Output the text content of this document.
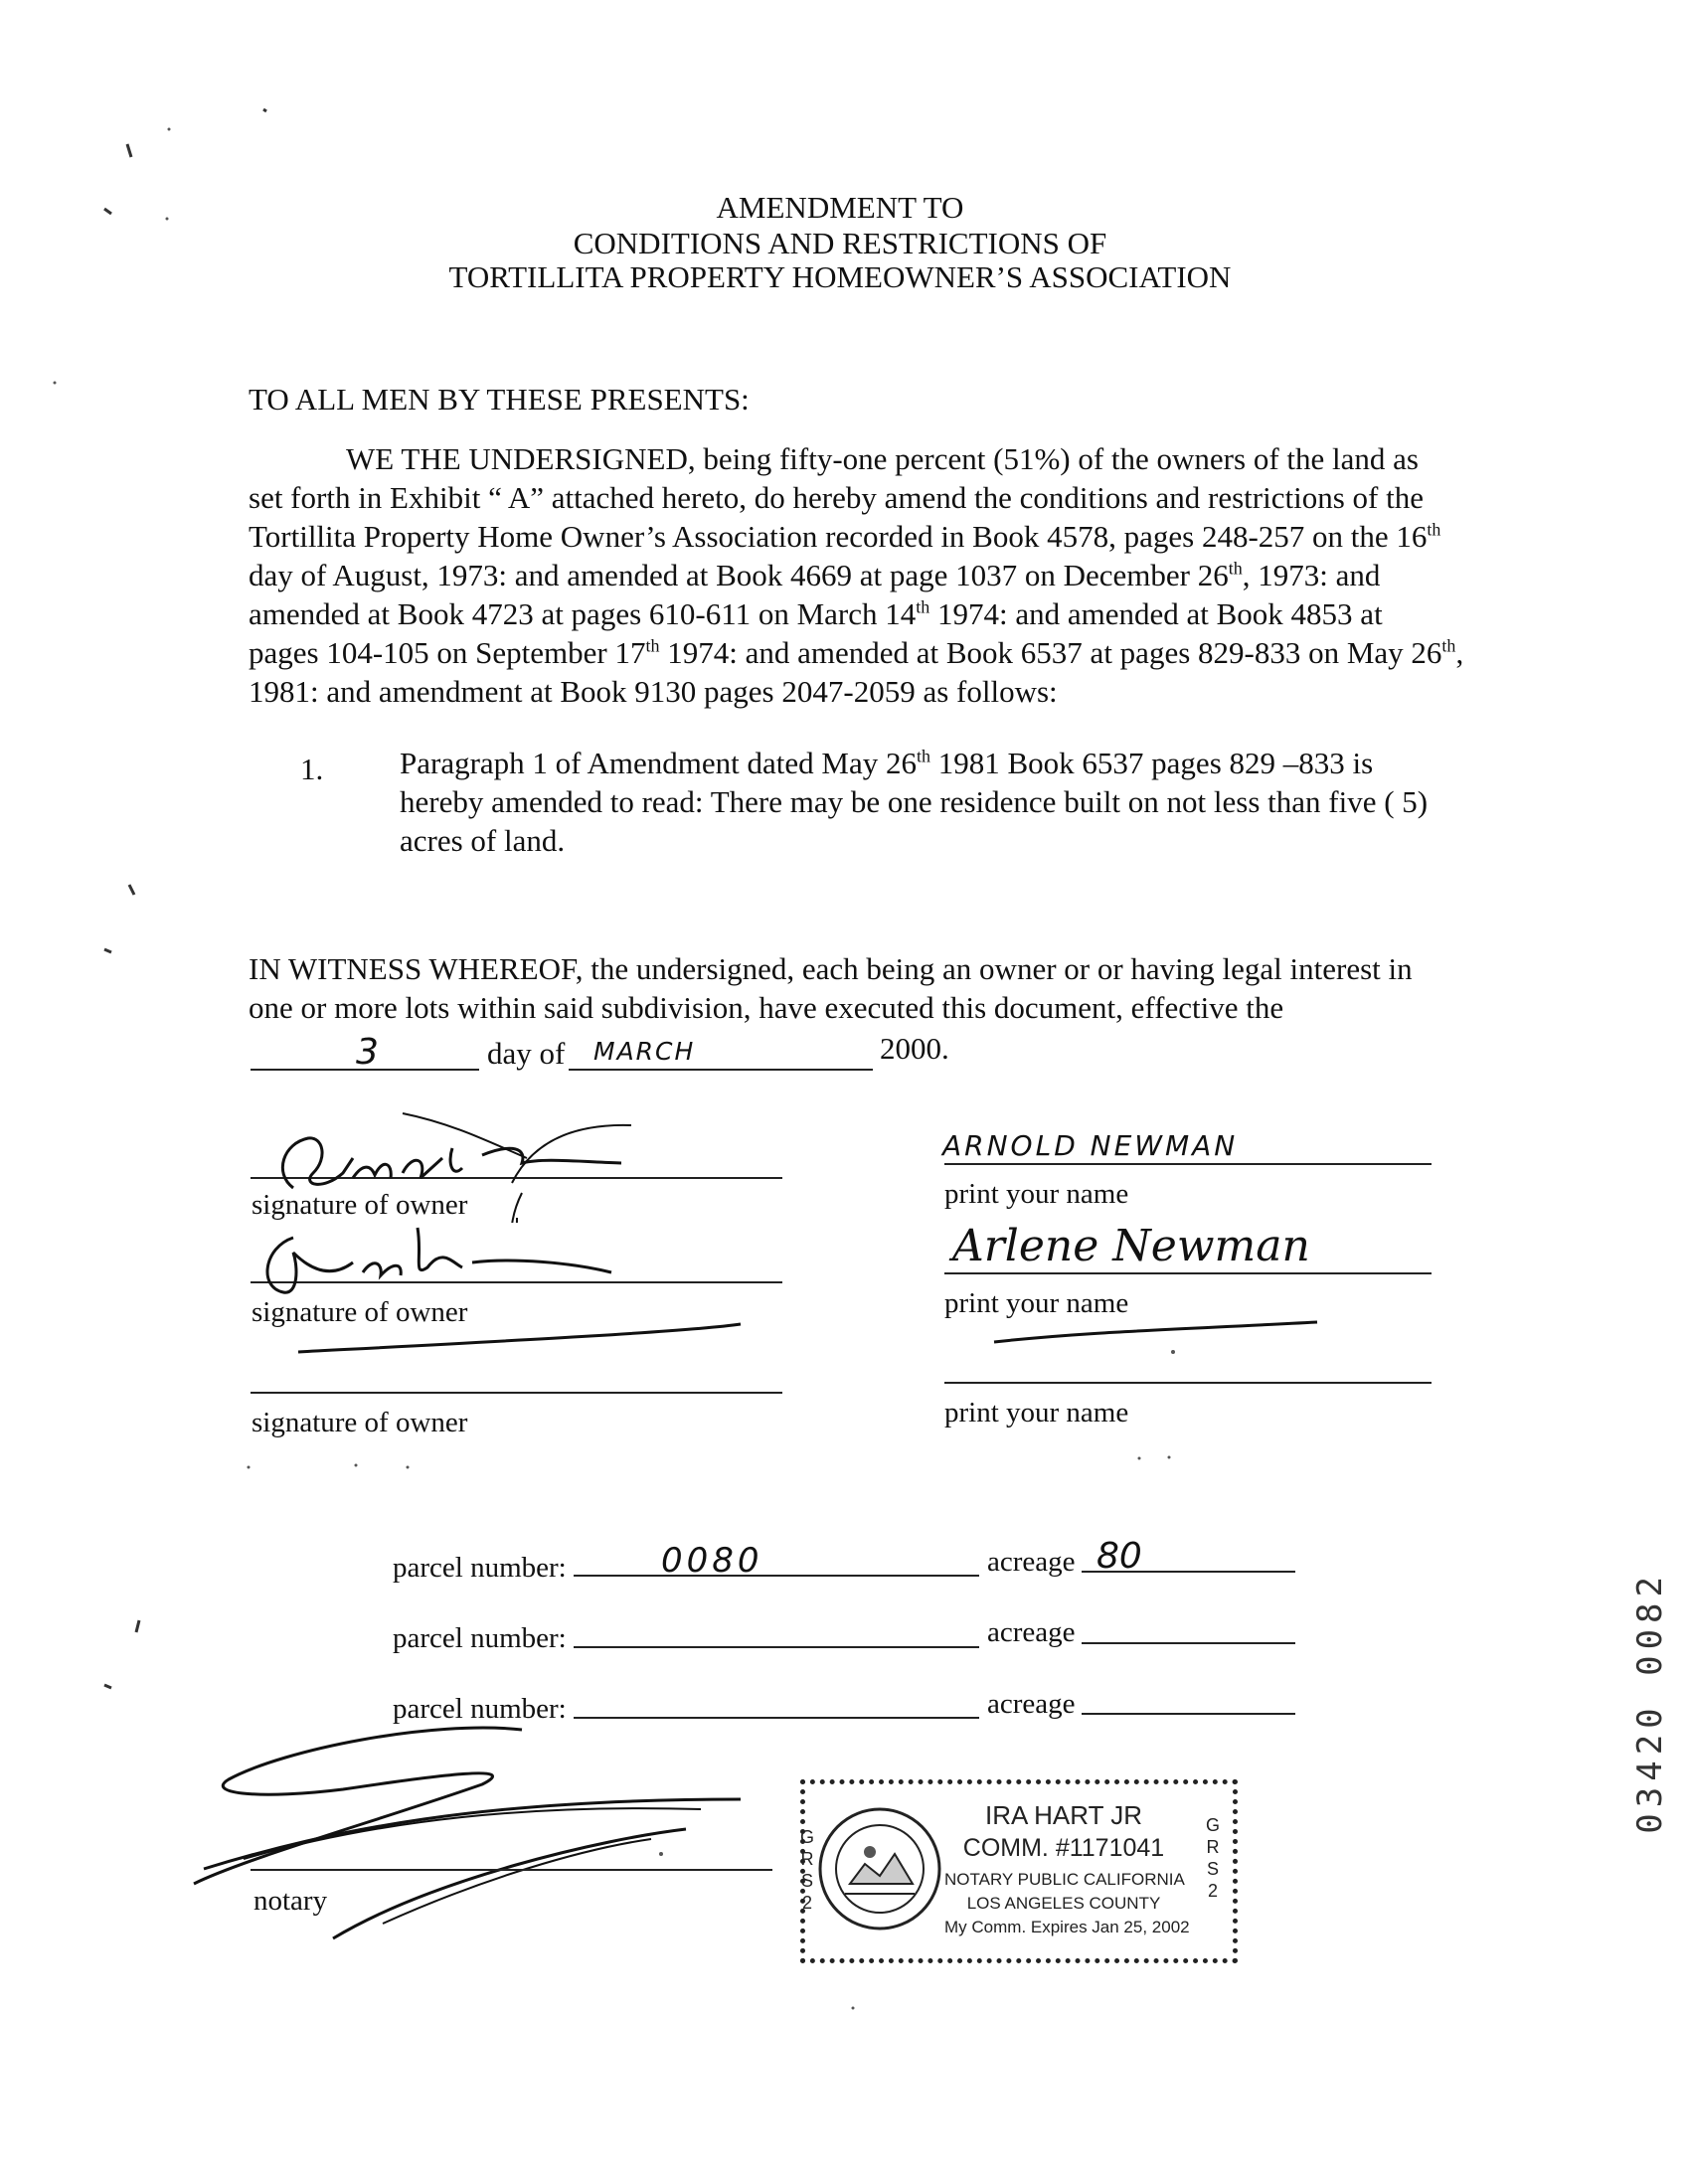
AMENDMENT TO
CONDITIONS AND RESTRICTIONS OF
TORTILLITA PROPERTY HOMEOWNER’S ASSOCIATION
TO ALL MEN BY THESE PRESENTS:

WE THE UNDERSIGNED, being fifty-one percent (51%) of the owners of the land as

set forth in Exhibit “ A” attached hereto, do hereby amend the conditions and restrictions of the

Tortillita Property Home Owner’s Association recorded in Book 4578, pages 248-257 on the 16th

day of August, 1973: and amended at Book 4669 at page 1037 on December 26th, 1973: and

amended at Book 4723 at pages 610-611 on March 14th 1974: and amended at Book 4853 at

pages 104-105 on September 17th 1974: and amended at Book 6537 at pages 829-833 on May 26th,

1981: and amendment at Book 9130 pages 2047-2059 as follows:

1. Paragraph 1 of Amendment dated May 26th 1981 Book 6537 pages 829 –833 is

hereby amended to read: There may be one residence built on not less than five ( 5)

acres of land.

IN WITNESS WHEREOF, the undersigned, each being an owner or or having legal interest in

one or more lots within said subdivision, have executed this document, effective the

3	day of MARCH	2000.
signature of owner
ARNOLD NEWMAN
print your name
signature of owner
Arlene Newman
print your name
signature of owner	print your name
parcel number:	0080	acreage 80
parcel number:	acreage
parcel number:	acreage
notary
IRA HART JR
COMM. #1171041
NOTARY PUBLIC CALIFORNIA
LOS ANGELES COUNTY
My Comm. Expires Jan 25, 2002
GRS2
GRS2
03420 0082
